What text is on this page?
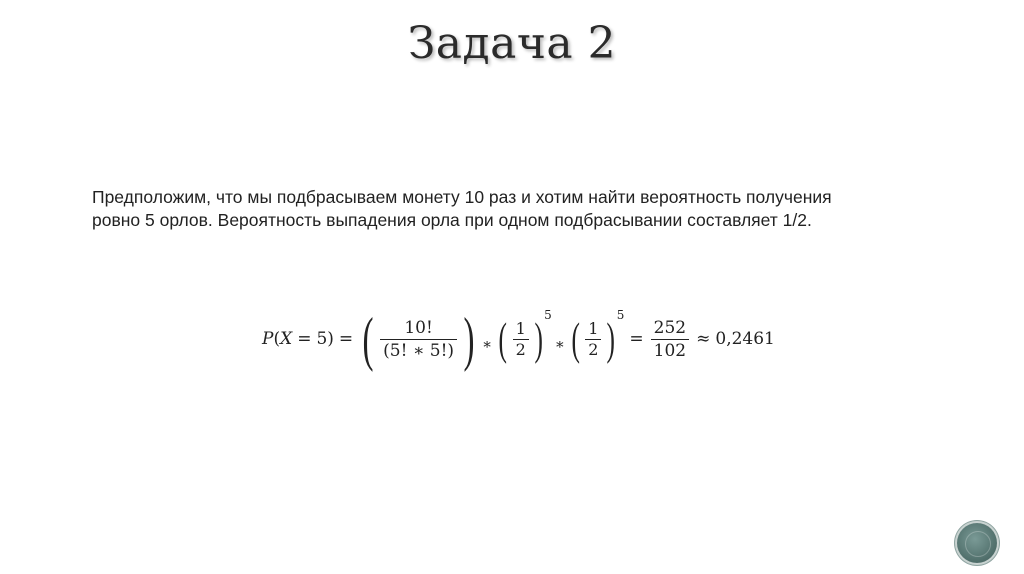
Задача 2
Предположим, что мы подбрасываем монету 10 раз и хотим найти вероятность получения
ровно 5 орлов. Вероятность выпадения орла при одном подбрасывании составляет 1/2.
P ( X = 5) = ( $\frac{10!}{(5! ∗ 5!)}$ ) ∗ ( $\frac{1}{2}$ ) 5
∗ ( $\frac{1}{2}$ ) 5
= $\frac{252}{102} \approx 0,2461$
